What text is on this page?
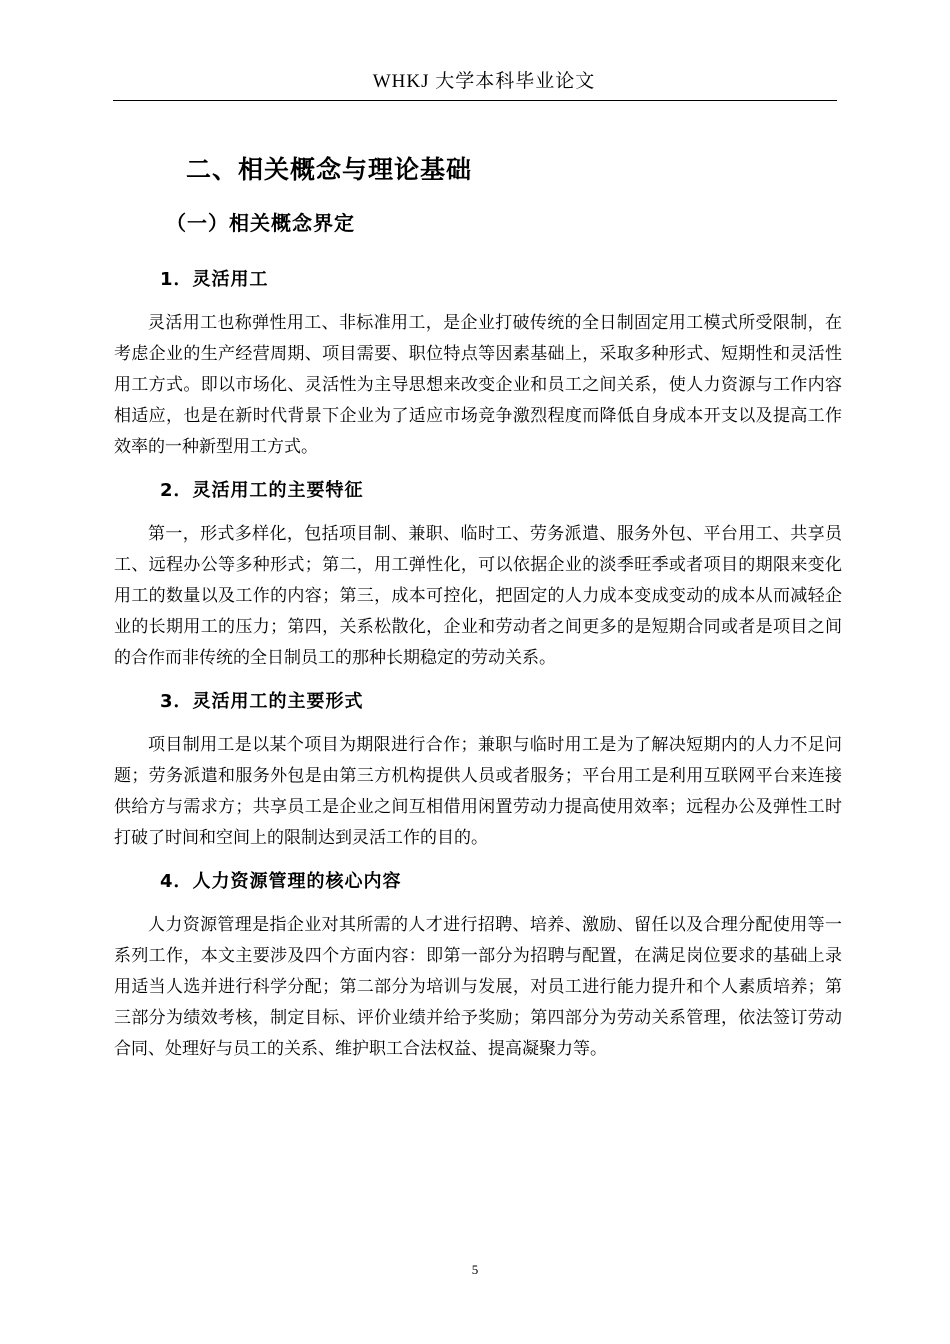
WHKJ 大学本科毕业论文
二、相关概念与理论基础
（一）相关概念界定
1．灵活用工

灵活用工也称弹性用工、非标准用工，是企业打破传统的全日制固定用工模式所受限制，在考虑企业的生产经营周期、项目需要、职位特点等因素基础上，采取多种形式、短期性和灵活性用工方式。即以市场化、灵活性为主导思想来改变企业和员工之间关系，使人力资源与工作内容相适应，也是在新时代背景下企业为了适应市场竞争激烈程度而降低自身成本开支以及提高工作效率的一种新型用工方式。

2．灵活用工的主要特征

第一，形式多样化，包括项目制、兼职、临时工、劳务派遣、服务外包、平台用工、共享员工、远程办公等多种形式；第二，用工弹性化，可以依据企业的淡季旺季或者项目的期限来变化用工的数量以及工作的内容；第三，成本可控化，把固定的人力成本变成变动的成本从而减轻企业的长期用工的压力；第四，关系松散化，企业和劳动者之间更多的是短期合同或者是项目之间的合作而非传统的全日制员工的那种长期稳定的劳动关系。

3．灵活用工的主要形式

项目制用工是以某个项目为期限进行合作；兼职与临时用工是为了解决短期内的人力不足问题；劳务派遣和服务外包是由第三方机构提供人员或者服务；平台用工是利用互联网平台来连接供给方与需求方；共享员工是企业之间互相借用闲置劳动力提高使用效率；远程办公及弹性工时打破了时间和空间上的限制达到灵活工作的目的。

4．人力资源管理的核心内容

人力资源管理是指企业对其所需的人才进行招聘、培养、激励、留任以及合理分配使用等一系列工作，本文主要涉及四个方面内容：即第一部分为招聘与配置，在满足岗位要求的基础上录用适当人选并进行科学分配；第二部分为培训与发展，对员工进行能力提升和个人素质培养；第三部分为绩效考核，制定目标、评价业绩并给予奖励；第四部分为劳动关系管理，依法签订劳动合同、处理好与员工的关系、维护职工合法权益、提高凝聚力等。

5
